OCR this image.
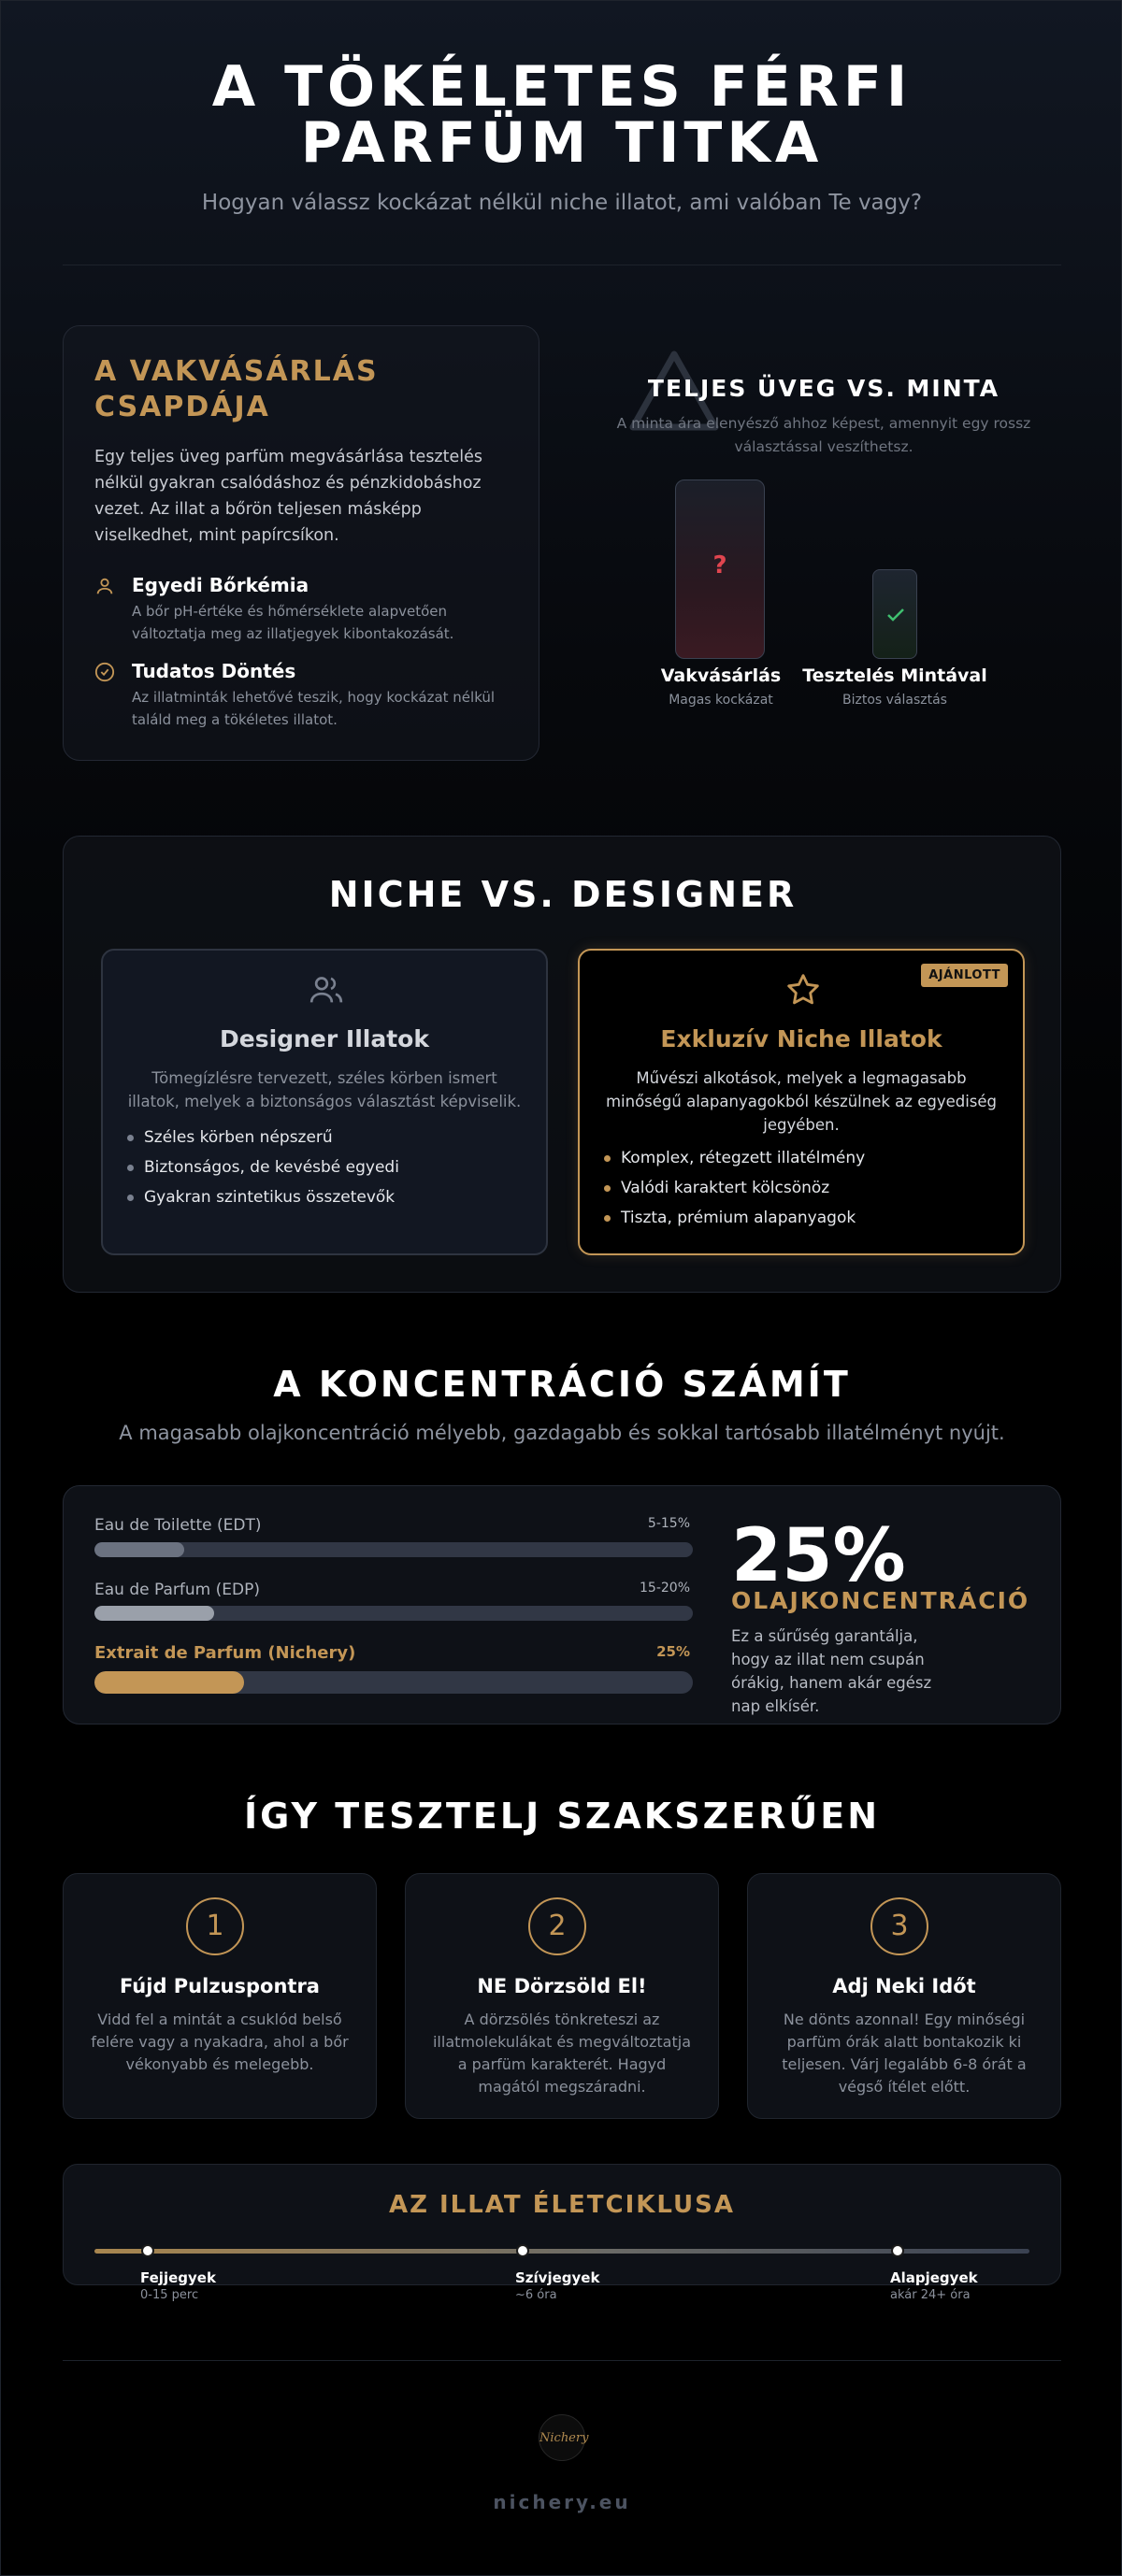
A TÖKÉLETES FÉRFI
PARFÜM TITKA
Hogyan válassz kockázat nélkül niche illatot, ami valóban Te vagy?
A VAKVÁSÁRLÁS CSAPDÁJA
Egy teljes üveg parfüm megvásárlása tesztelés nélkül gyakran csalódáshoz és pénzkidobáshoz vezet. Az illat a bőrön teljesen másképp viselkedhet, mint papírcsíkon.
Egyedi Bőrkémia
A bőr pH-értéke és hőmérséklete alapvetően változtatja meg az illatjegyek kibontakozását.
Tudatos Döntés
Az illatminták lehetővé teszik, hogy kockázat nélkül találd meg a tökéletes illatot.
TELJES ÜVEG VS. MINTA
A minta ára elenyésző ahhoz képest, amennyit egy rossz választással veszíthetsz.
?
Vakvásárlás
Magas kockázat
Tesztelés Mintával
Biztos választás
NICHE VS. DESIGNER
Designer Illatok
Tömegízlésre tervezett, széles körben ismert illatok, melyek a biztonságos választást képviselik.
Széles körben népszerű
Biztonságos, de kevésbé egyedi
Gyakran szintetikus összetevők
AJÁNLOTT
Exkluzív Niche Illatok
Művészi alkotások, melyek a legmagasabb minőségű alapanyagokból készülnek az egyediség jegyében.
Komplex, rétegzett illatélmény
Valódi karaktert kölcsönöz
Tiszta, prémium alapanyagok
A KONCENTRÁCIÓ SZÁMÍT
A magasabb olajkoncentráció mélyebb, gazdagabb és sokkal tartósabb illatélményt nyújt.
Eau de Toilette (EDT)	5-15%
Eau de Parfum (EDP)	15-20%
Extrait de Parfum (Nichery)	25%
25%
OLAJKONCENTRÁCIÓ
Ez a sűrűség garantálja, hogy az illat nem csupán órákig, hanem akár egész nap elkísér.
ÍGY TESZTELJ SZAKSZERŰEN
1
Fújd Pulzuspontra
Vidd fel a mintát a csuklód belső felére vagy a nyakadra, ahol a bőr vékonyabb és melegebb.
2
NE Dörzsöld El!
A dörzsölés tönkreteszi az illatmolekulákat és megváltoztatja a parfüm karakterét. Hagyd magától megszáradni.
3
Adj Neki Időt
Ne dönts azonnal! Egy minőségi parfüm órák alatt bontakozik ki teljesen. Várj legalább 6-8 órát a végső ítélet előtt.
AZ ILLAT ÉLETCIKLUSA
Fejjegyek
0-15 perc
Szívjegyek
~6 óra
Alapjegyek
akár 24+ óra
Nichery
nichery.eu
